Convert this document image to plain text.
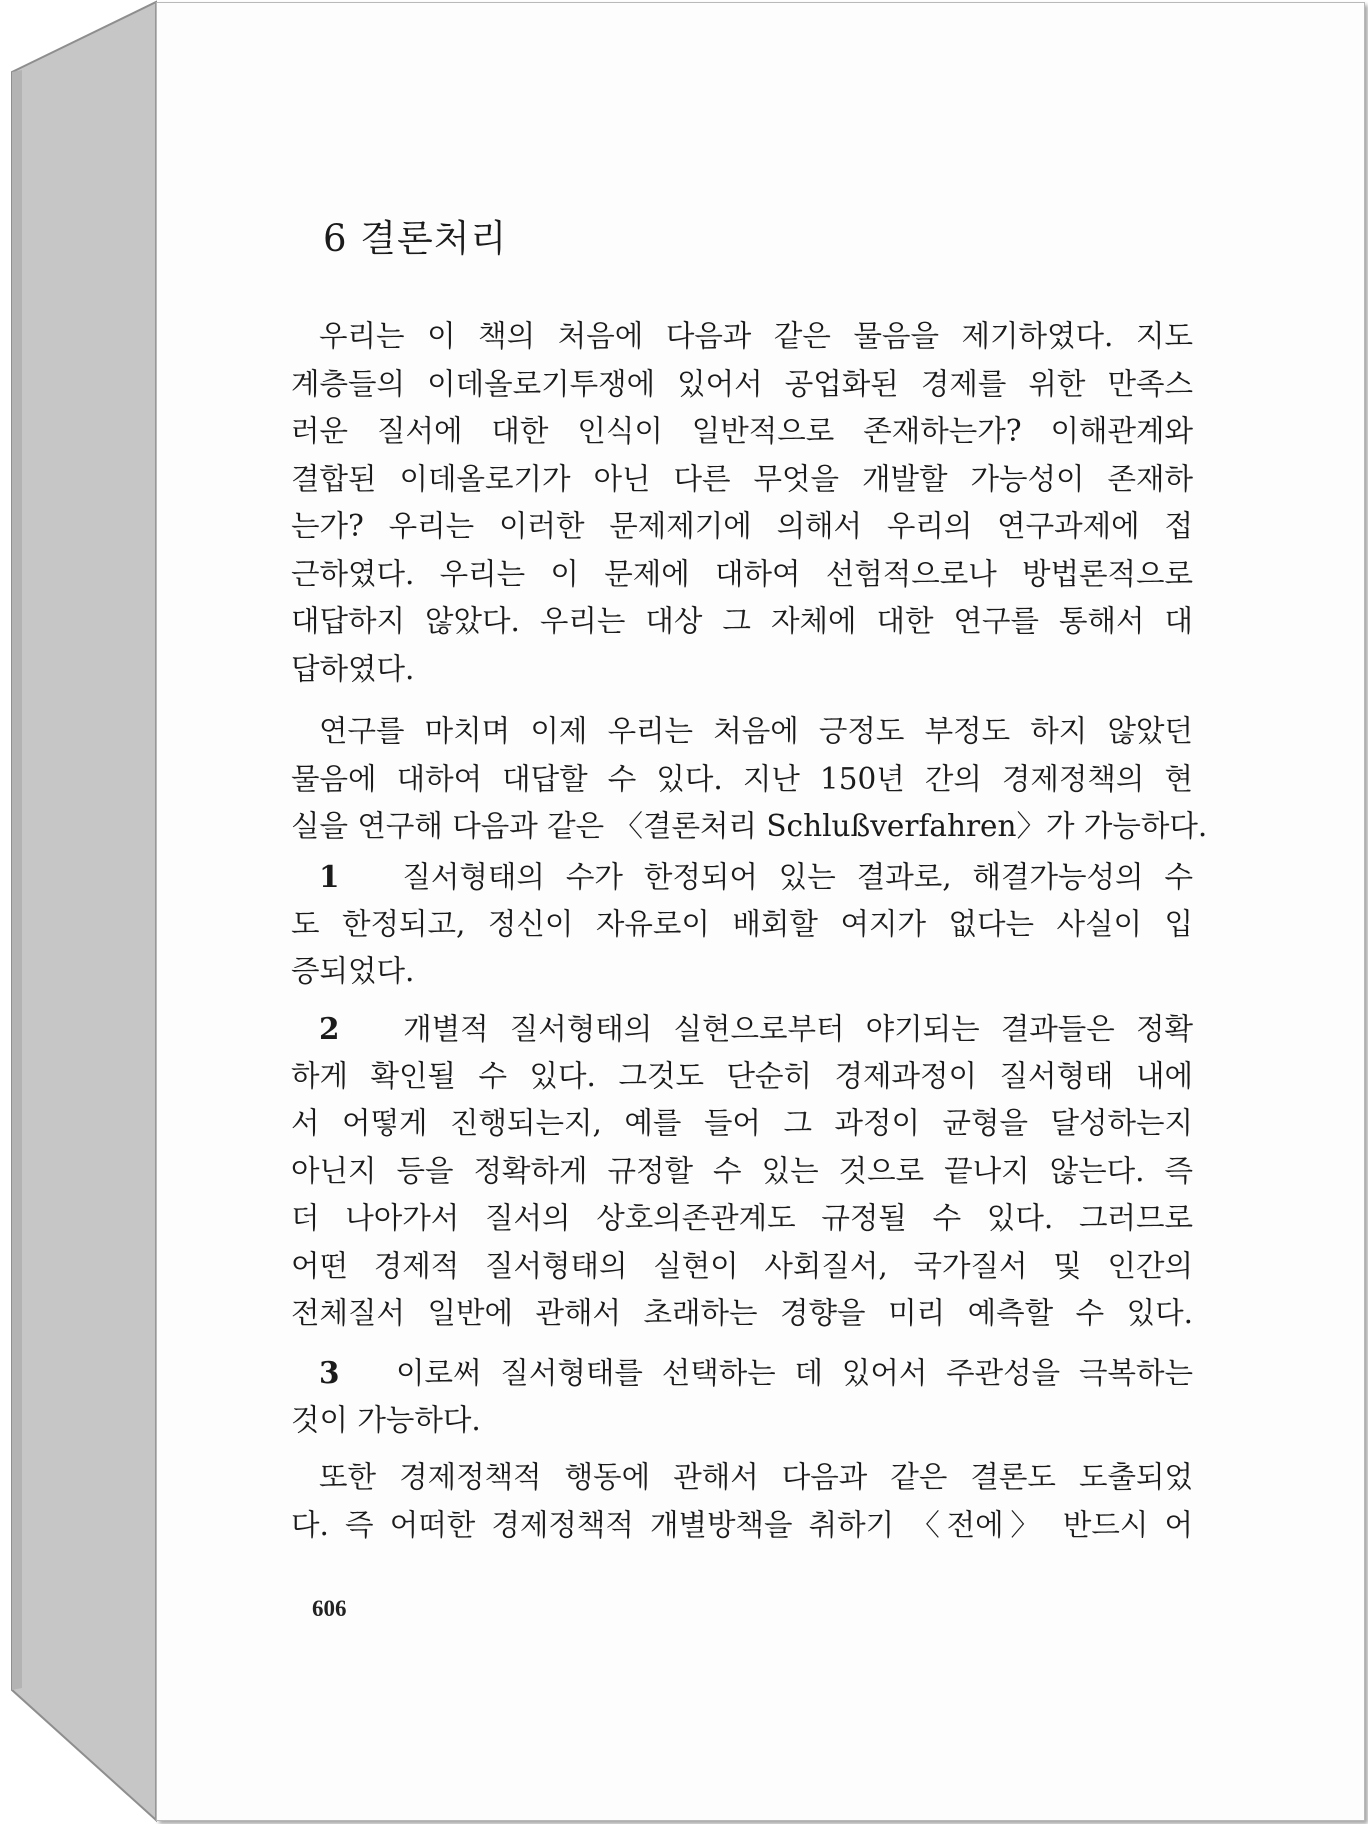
6 결론처리
우리는 이 책의 처음에 다음과 같은 물음을 제기하였다. 지도
계층들의 이데올로기투쟁에 있어서 공업화된 경제를 위한 만족스
러운 질서에 대한 인식이 일반적으로 존재하는가? 이해관계와
결합된 이데올로기가 아닌 다른 무엇을 개발할 가능성이 존재하
는가? 우리는 이러한 문제제기에 의해서 우리의 연구과제에 접
근하였다. 우리는 이 문제에 대하여 선험적으로나 방법론적으로
대답하지 않았다. 우리는 대상 그 자체에 대한 연구를 통해서 대
답하였다.
연구를 마치며 이제 우리는 처음에 긍정도 부정도 하지 않았던
물음에 대하여 대답할 수 있다. 지난 150년 간의 경제정책의 현
실을 연구해 다음과 같은 〈결론처리 Schlußverfahren〉가 가능하다.
1 질서형태의 수가 한정되어 있는 결과로, 해결가능성의 수
도 한정되고, 정신이 자유로이 배회할 여지가 없다는 사실이 입
증되었다.
2 개별적 질서형태의 실현으로부터 야기되는 결과들은 정확
하게 확인될 수 있다. 그것도 단순히 경제과정이 질서형태 내에
서 어떻게 진행되는지, 예를 들어 그 과정이 균형을 달성하는지
아닌지 등을 정확하게 규정할 수 있는 것으로 끝나지 않는다. 즉
더 나아가서 질서의 상호의존관계도 규정될 수 있다. 그러므로
어떤 경제적 질서형태의 실현이 사회질서, 국가질서 및 인간의
전체질서 일반에 관해서 초래하는 경향을 미리 예측할 수 있다.
3 이로써 질서형태를 선택하는 데 있어서 주관성을 극복하는
것이 가능하다.
또한 경제정책적 행동에 관해서 다음과 같은 결론도 도출되었
다. 즉 어떠한 경제정책적 개별방책을 취하기 〈전에〉 반드시 어
606
